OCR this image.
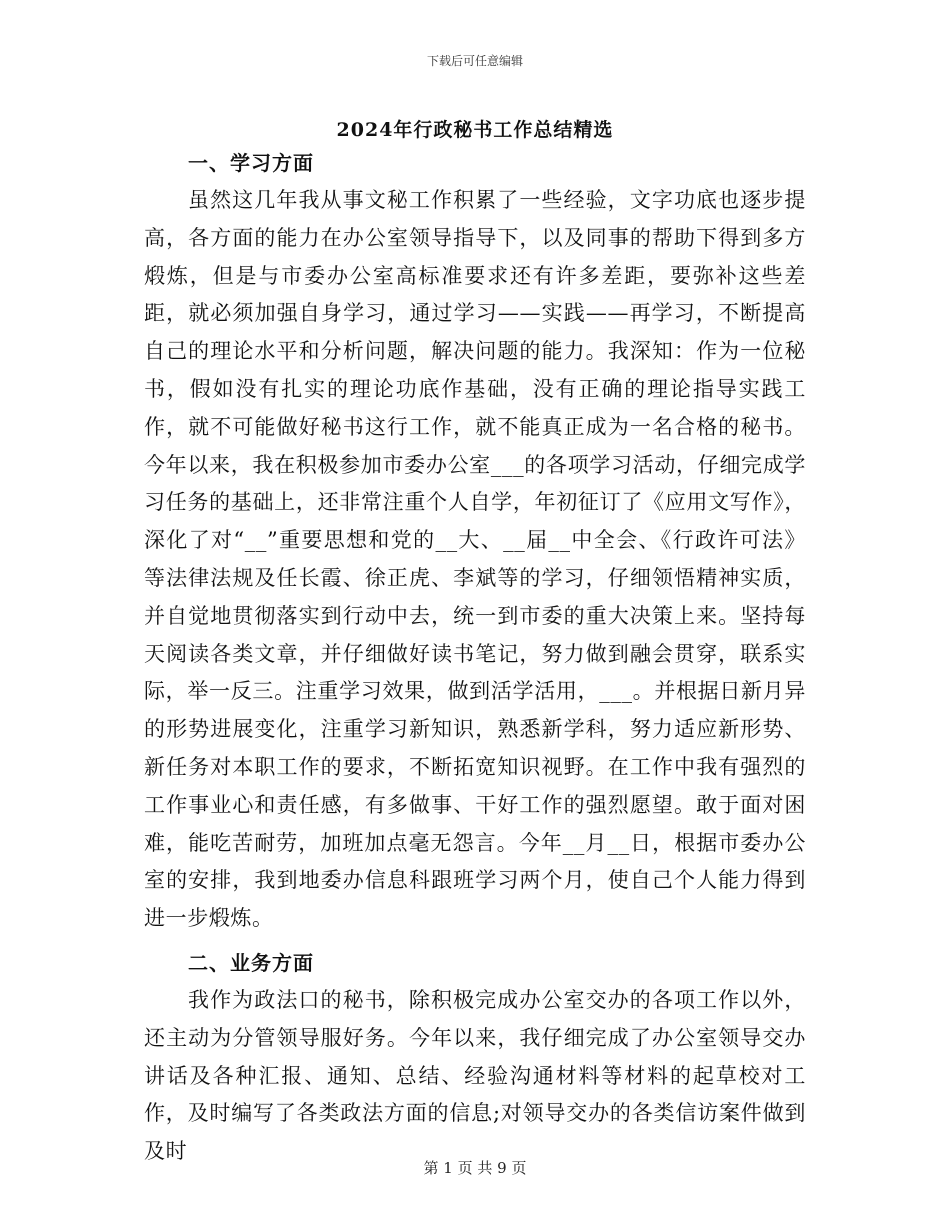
下载后可任意编辑
2024年行政秘书工作总结精选

一、学习方面

虽然这几年我从事文秘工作积累了一些经验，文字功底也逐步提高，各方面的能力在办公室领导指导下，以及同事的帮助下得到多方煅炼，但是与市委办公室高标准要求还有许多差距，要弥补这些差距，就必须加强自身学习，通过学习——实践——再学习，不断提高自己的理论水平和分析问题，解决问题的能力。我深知：作为一位秘书，假如没有扎实的理论功底作基础，没有正确的理论指导实践工作，就不可能做好秘书这行工作，就不能真正成为一名合格的秘书。今年以来，我在积极参加市委办公室___的各项学习活动，仔细完成学习任务的基础上，还非常注重个人自学，年初征订了《应用文写作》，深化了对“__”重要思想和党的__大、__届__中全会、《行政许可法》等法律法规及任长霞、徐正虎、李斌等的学习，仔细领悟精神实质，并自觉地贯彻落实到行动中去，统一到市委的重大决策上来。坚持每天阅读各类文章，并仔细做好读书笔记，努力做到融会贯穿，联系实际，举一反三。注重学习效果，做到活学活用，___。并根据日新月异的形势进展变化，注重学习新知识，熟悉新学科，努力适应新形势、新任务对本职工作的要求，不断拓宽知识视野。在工作中我有强烈的工作事业心和责任感，有多做事、干好工作的强烈愿望。敢于面对困难，能吃苦耐劳，加班加点毫无怨言。今年__月__日，根据市委办公室的安排，我到地委办信息科跟班学习两个月，使自己个人能力得到进一步煅炼。

二、业务方面

我作为政法口的秘书，除积极完成办公室交办的各项工作以外，还主动为分管领导服好务。今年以来，我仔细完成了办公室领导交办讲话及各种汇报、通知、总结、经验沟通材料等材料的起草校对工作，及时编写了各类政法方面的信息;对领导交办的各类信访案件做到及时

第 1 页 共 9 页
